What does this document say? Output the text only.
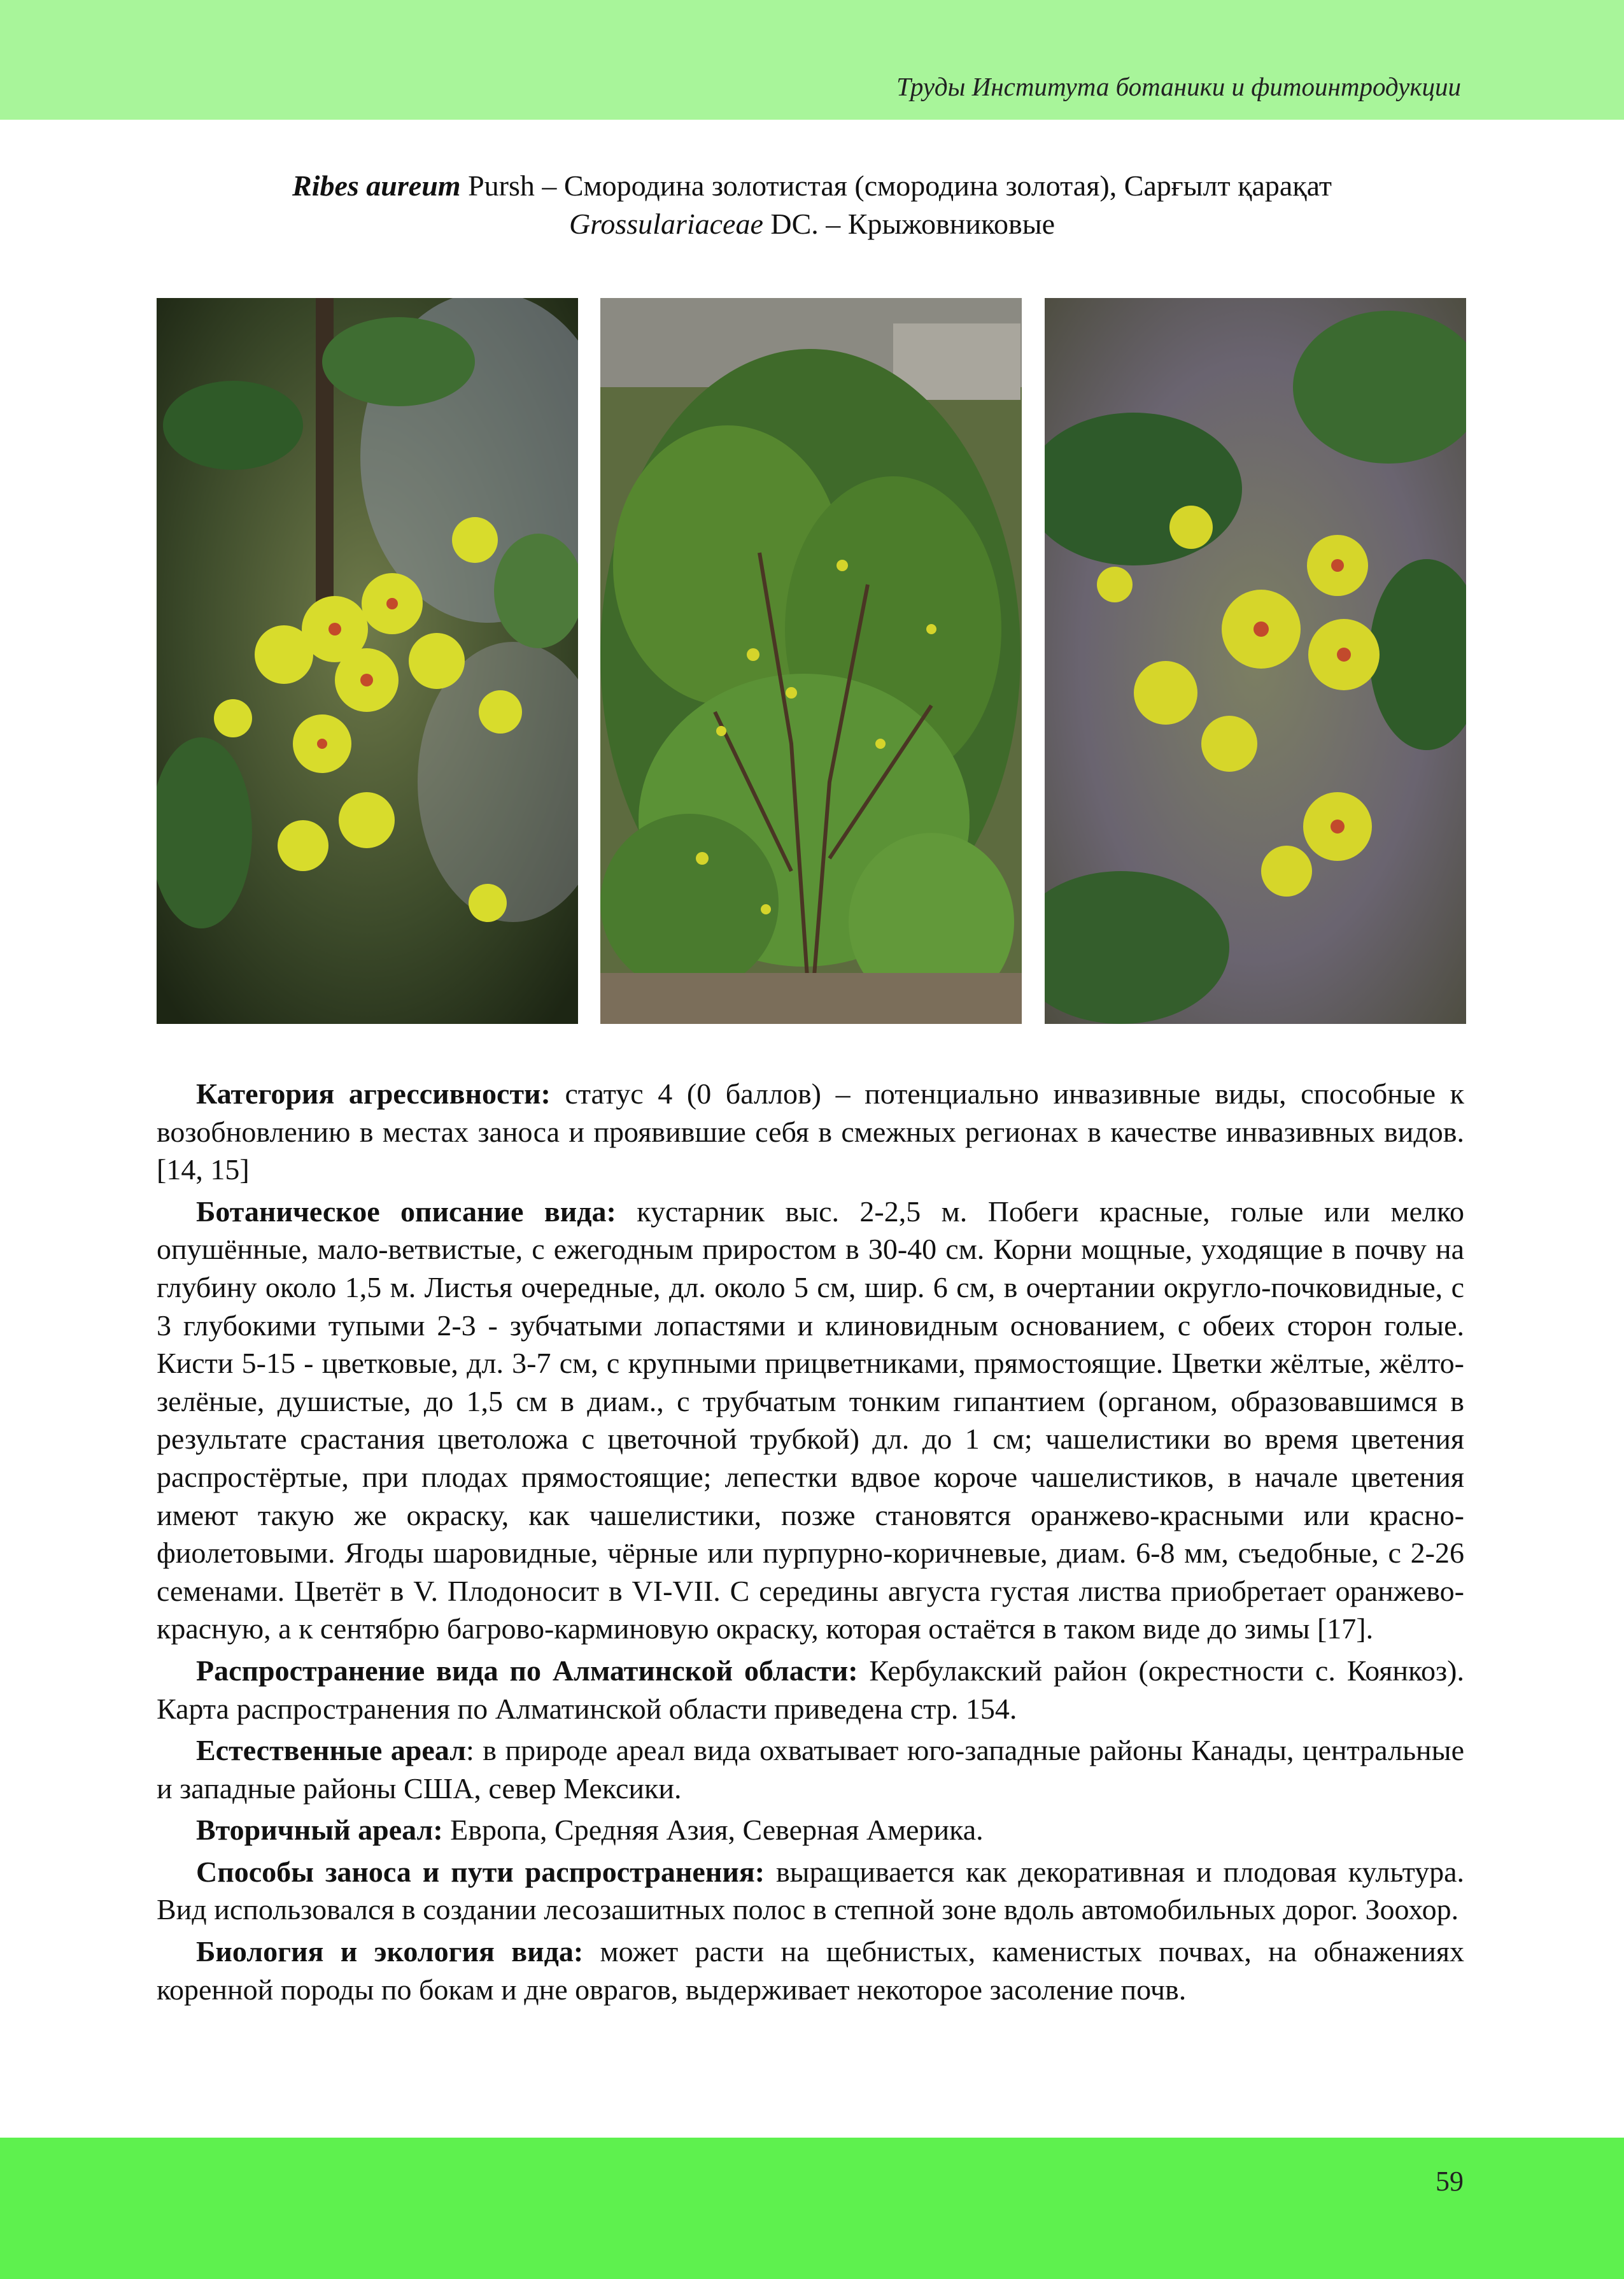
Труды Института ботаники и фитоинтродукции
Ribes aureum Pursh – Смородина золотистая (смородина золотая), Сарғылт қарақат
Grossulariaceae DC. – Крыжовниковые

Категория агрессивности: статус 4 (0 баллов) – потенциально инвазивные виды, способные к возобновлению в местах заноса и проявившие себя в смежных регионах в качестве инвазивных видов. [14, 15]

Ботаническое описание вида: кустарник выс. 2-2,5 м. Побеги красные, голые или мелко опушённые, мало-ветвистые, с ежегодным приростом в 30-40 см. Корни мощные, уходящие в почву на глубину около 1,5 м. Листья очередные, дл. около 5 см, шир. 6 см, в очертании округло-почковидные, с 3 глубокими тупыми 2-3 - зубчатыми лопастями и клиновидным основанием, с обеих сторон голые. Кисти 5-15 - цветковые, дл. 3-7 см, с крупными прицветниками, прямостоящие. Цветки жёлтые, жёлто-зелёные, душистые, до 1,5 см в диам., с трубчатым тонким гипантием (органом, образовавшимся в результате срастания цветоложа с цветочной трубкой) дл. до 1 см; чашелистики во время цветения распростёртые, при плодах прямостоящие; лепестки вдвое короче чашелистиков, в начале цветения имеют такую же окраску, как чашелистики, позже становятся оранжево-красными или красно-фиолетовыми. Ягоды шаровидные, чёрные или пурпурно-коричневые, диам. 6-8 мм, съедобные, с 2-26 семенами. Цветёт в V. Плодоносит в VI-VII. С середины августа густая листва приобретает оранжево-красную, а к сентябрю багрово-карминовую окраску, которая остаётся в таком виде до зимы [17].

Распространение вида по Алматинской области: Кербулакский район (окрестности с. Коянкоз). Карта распространения по Алматинской области приведена стр. 154.

Естественные ареал: в природе ареал вида охватывает юго-западные районы Канады, центральные и западные районы США, север Мексики.

Вторичный ареал: Европа, Средняя Азия, Северная Америка.

Способы заноса и пути распространения: выращивается как декоративная и плодовая культура. Вид использовался в создании лесозашитных полос в степной зоне вдоль автомобильных дорог. Зоохор.

Биология и экология вида: может расти на щебнистых, каменистых почвах, на обнажениях коренной породы по бокам и дне оврагов, выдерживает некоторое засоление почв.

59
